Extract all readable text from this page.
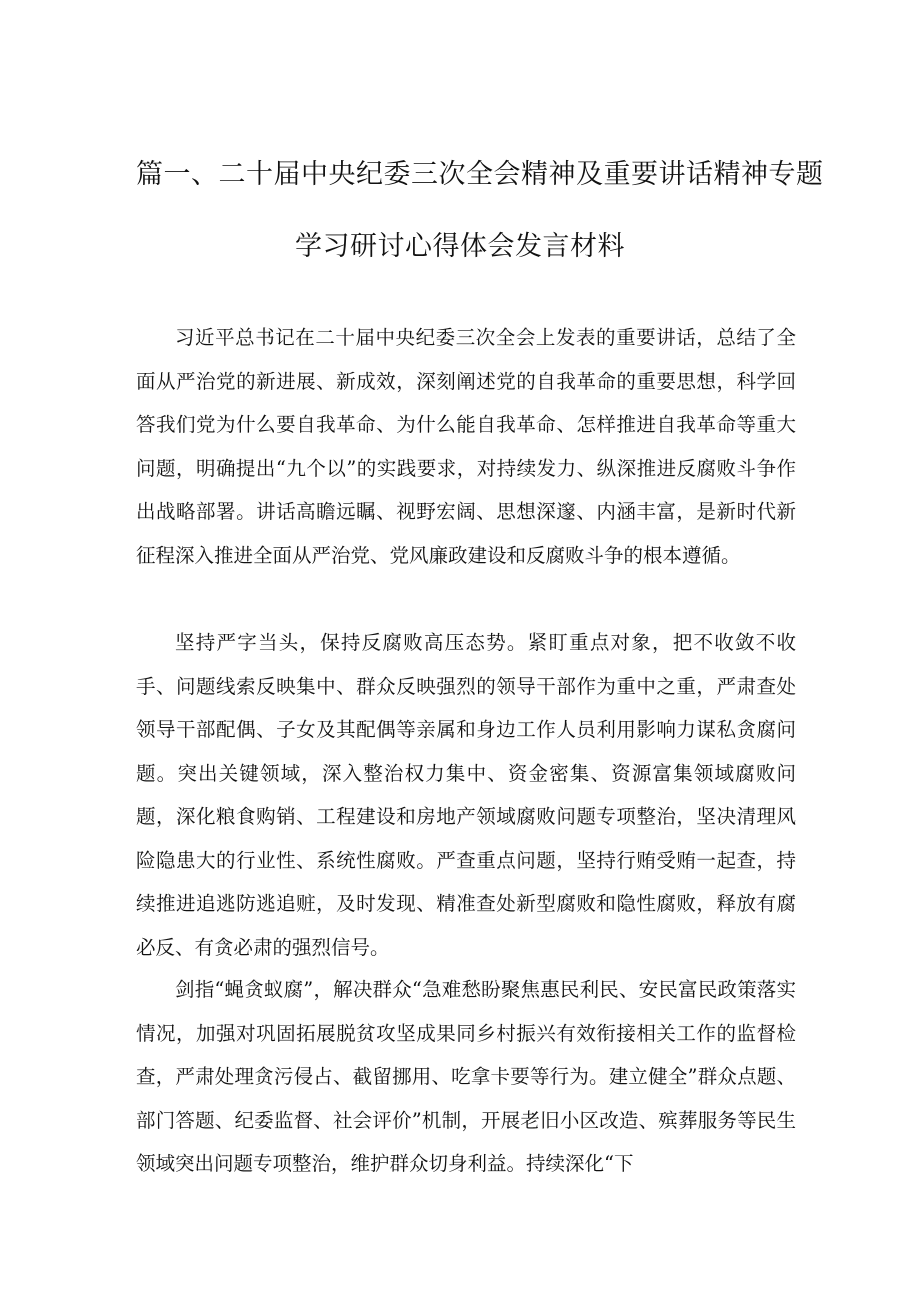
篇一、二十届中央纪委三次全会精神及重要讲话精神专题
学习研讨心得体会发言材料

习近平总书记在二十届中央纪委三次全会上发表的重要讲话，总结了全面从严治党的新进展、新成效，深刻阐述党的自我革命的重要思想，科学回答我们党为什么要自我革命、为什么能自我革命、怎样推进自我革命等重大问题，明确提出“九个以”的实践要求，对持续发力、纵深推进反腐败斗争作出战略部署。讲话高瞻远瞩、视野宏阔、思想深邃、内涵丰富，是新时代新征程深入推进全面从严治党、党风廉政建设和反腐败斗争的根本遵循。

坚持严字当头，保持反腐败高压态势。紧盯重点对象，把不收敛不收手、问题线索反映集中、群众反映强烈的领导干部作为重中之重，严肃查处领导干部配偶、子女及其配偶等亲属和身边工作人员利用影响力谋私贪腐问题。突出关键领域，深入整治权力集中、资金密集、资源富集领域腐败问题，深化粮食购销、工程建设和房地产领域腐败问题专项整治，坚决清理风险隐患大的行业性、系统性腐败。严查重点问题，坚持行贿受贿一起查，持续推进追逃防逃追赃，及时发现、精准查处新型腐败和隐性腐败，释放有腐必反、有贪必肃的强烈信号。

剑指“蝇贪蚁腐”，解决群众“急难愁盼聚焦惠民利民、安民富民政策落实情况，加强对巩固拓展脱贫攻坚成果同乡村振兴有效衔接相关工作的监督检查，严肃处理贪污侵占、截留挪用、吃拿卡要等行为。建立健全”群众点题、部门答题、纪委监督、社会评价”机制，开展老旧小区改造、殡葬服务等民生领域突出问题专项整治，维护群众切身利益。持续深化“下
